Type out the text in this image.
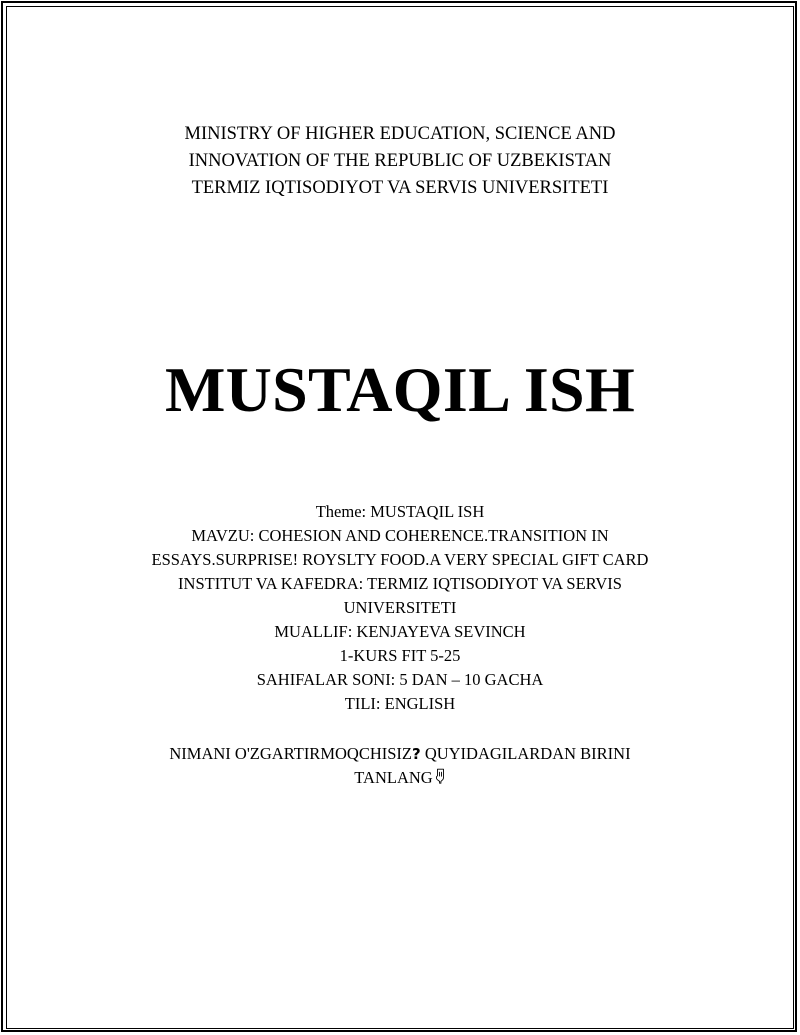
MINISTRY OF HIGHER EDUCATION, SCIENCE AND
INNOVATION OF THE REPUBLIC OF UZBEKISTAN
TERMIZ IQTISODIYOT VA SERVIS UNIVERSITETI
MUSTAQIL ISH
Theme: MUSTAQIL ISH
MAVZU: COHESION AND COHERENCE.TRANSITION IN
ESSAYS.SURPRISE! ROYSLTY FOOD.A VERY SPECIAL GIFT CARD
INSTITUT VA KAFEDRA: TERMIZ IQTISODIYOT VA SERVIS
UNIVERSITETI
MUALLIF: KENJAYEVA SEVINCH
1-KURS FIT 5-25
SAHIFALAR SONI: 5 DAN – 10 GACHA
TILI: ENGLISH
NIMANI O'ZGARTIRMOQCHISIZ? QUYIDAGILARDAN BIRINI
TANLANG
